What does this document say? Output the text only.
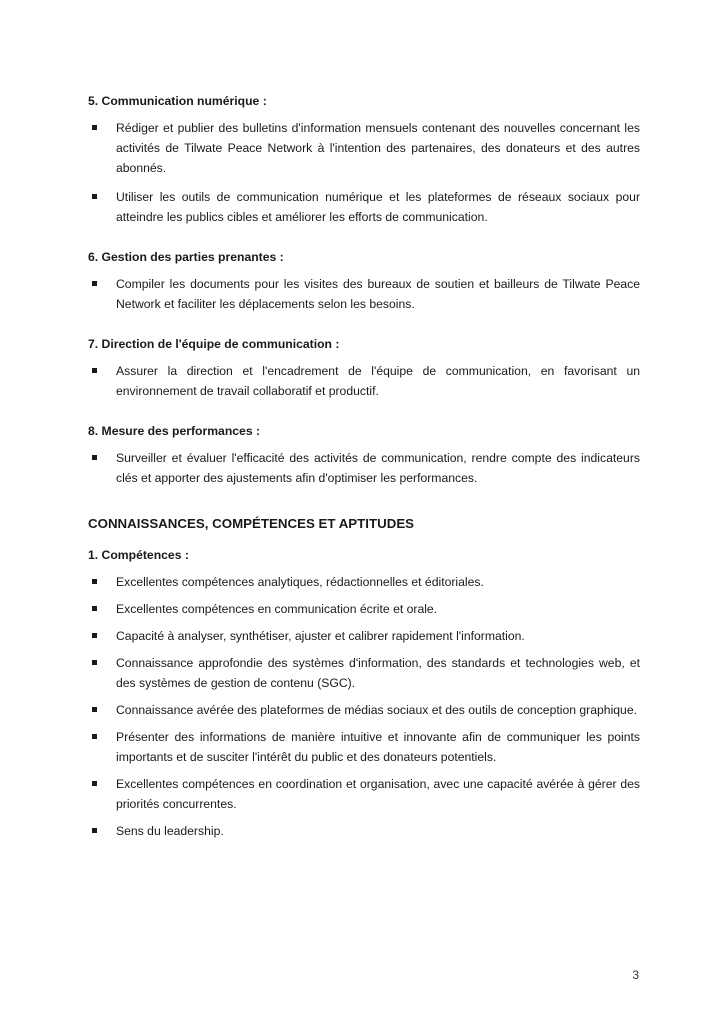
5. Communication numérique :
Rédiger et publier des bulletins d'information mensuels contenant des nouvelles concernant les activités de Tilwate Peace Network à l'intention des partenaires, des donateurs et des autres abonnés.
Utiliser les outils de communication numérique et les plateformes de réseaux sociaux pour atteindre les publics cibles et améliorer les efforts de communication.
6. Gestion des parties prenantes :
Compiler les documents pour les visites des bureaux de soutien et bailleurs de Tilwate Peace Network et faciliter les déplacements selon les besoins.
7. Direction de l'équipe de communication :
Assurer la direction et l'encadrement de l'équipe de communication, en favorisant un environnement de travail collaboratif et productif.
8. Mesure des performances :
Surveiller et évaluer l'efficacité des activités de communication, rendre compte des indicateurs clés et apporter des ajustements afin d'optimiser les performances.
CONNAISSANCES, COMPÉTENCES ET APTITUDES
1. Compétences :
Excellentes compétences analytiques, rédactionnelles et éditoriales.
Excellentes compétences en communication écrite et orale.
Capacité à analyser, synthétiser, ajuster et calibrer rapidement l'information.
Connaissance approfondie des systèmes d'information, des standards et technologies web, et des systèmes de gestion de contenu (SGC).
Connaissance avérée des plateformes de médias sociaux et des outils de conception graphique.
Présenter des informations de manière intuitive et innovante afin de communiquer les points importants et de susciter l'intérêt du public et des donateurs potentiels.
Excellentes compétences en coordination et organisation, avec une capacité avérée à gérer des priorités concurrentes.
Sens du leadership.
3
